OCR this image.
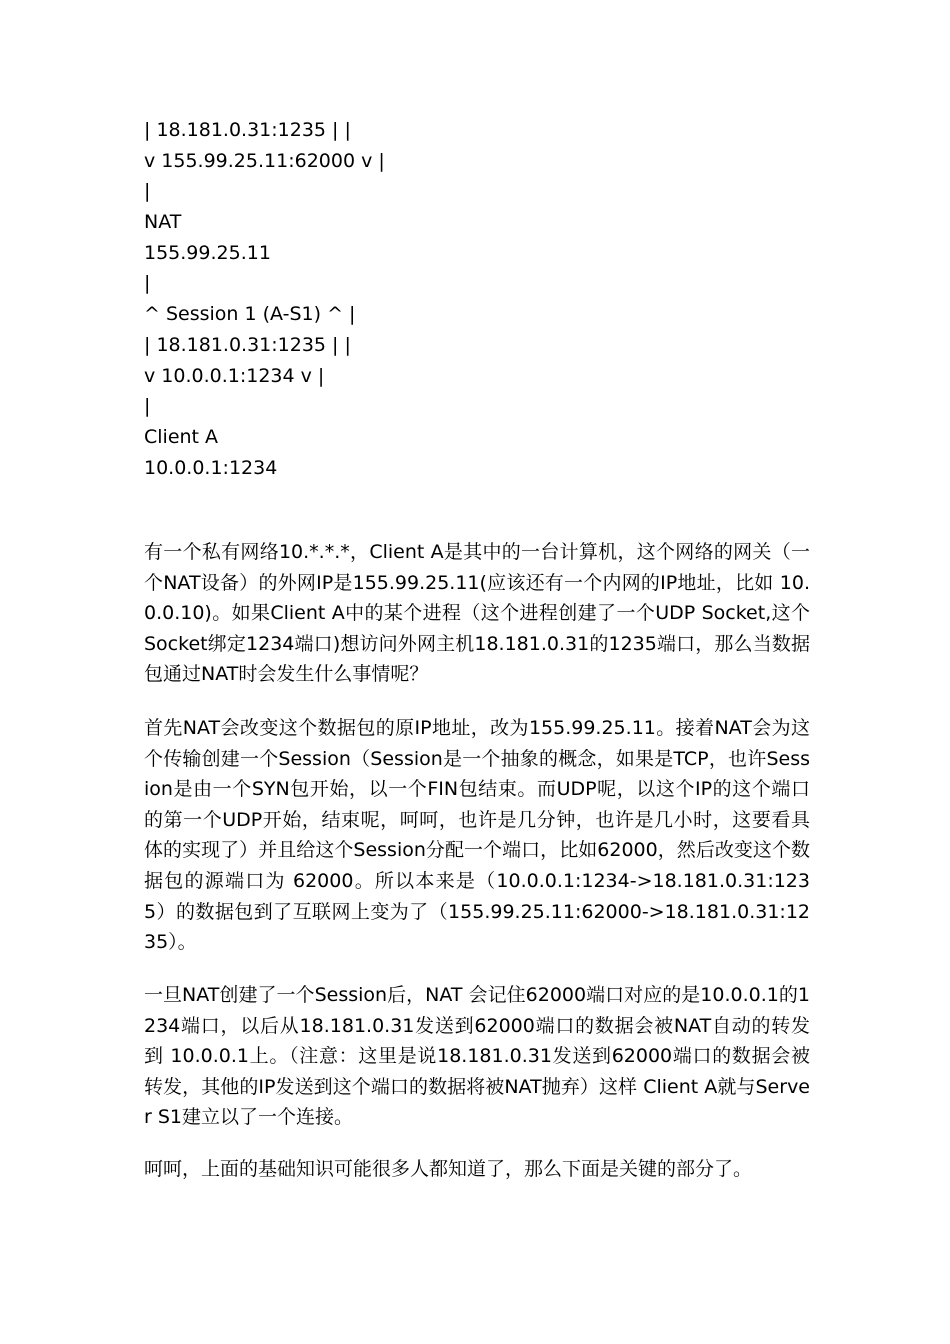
| 18.181.0.31:1235 | |
v 155.99.25.11:62000 v |
|
NAT
155.99.25.11
|
^ Session 1 (A-S1) ^ |
| 18.181.0.31:1235 | |
v 10.0.0.1:1234 v |
|
Client A
10.0.0.1:1234

有一个私有网络10.*.*.*，Client A是其中的一台计算机，这个网络的网关（一个NAT设备）的外网IP是155.99.25.11(应该还有一个内网的IP地址，比如 10.0.0.10)。如果Client A中的某个进程（这个进程创建了一个UDP Socket,这个Socket绑定1234端口)想访问外网主机18.181.0.31的1235端口，那么当数据包通过NAT时会发生什么事情呢？

首先NAT会改变这个数据包的原IP地址，改为155.99.25.11。接着NAT会为这个传输创建一个Session（Session是一个抽象的概念，如果是TCP，也许Session是由一个SYN包开始，以一个FIN包结束。而UDP呢，以这个IP的这个端口的第一个UDP开始，结束呢，呵呵，也许是几分钟，也许是几小时，这要看具体的实现了）并且给这个Session分配一个端口，比如62000，然后改变这个数据包的源端口为 62000。所以本来是（10.0.0.1:1234->18.181.0.31:1235）的数据包到了互联网上变为了（155.99.25.11:62000->18.181.0.31:1235）。

一旦NAT创建了一个Session后，NAT 会记住62000端口对应的是10.0.0.1的1234端口，以后从18.181.0.31发送到62000端口的数据会被NAT自动的转发到 10.0.0.1上。（注意：这里是说18.181.0.31发送到62000端口的数据会被转发，其他的IP发送到这个端口的数据将被NAT抛弃）这样 Client A就与Server S1建立以了一个连接。

呵呵，上面的基础知识可能很多人都知道了，那么下面是关键的部分了。
